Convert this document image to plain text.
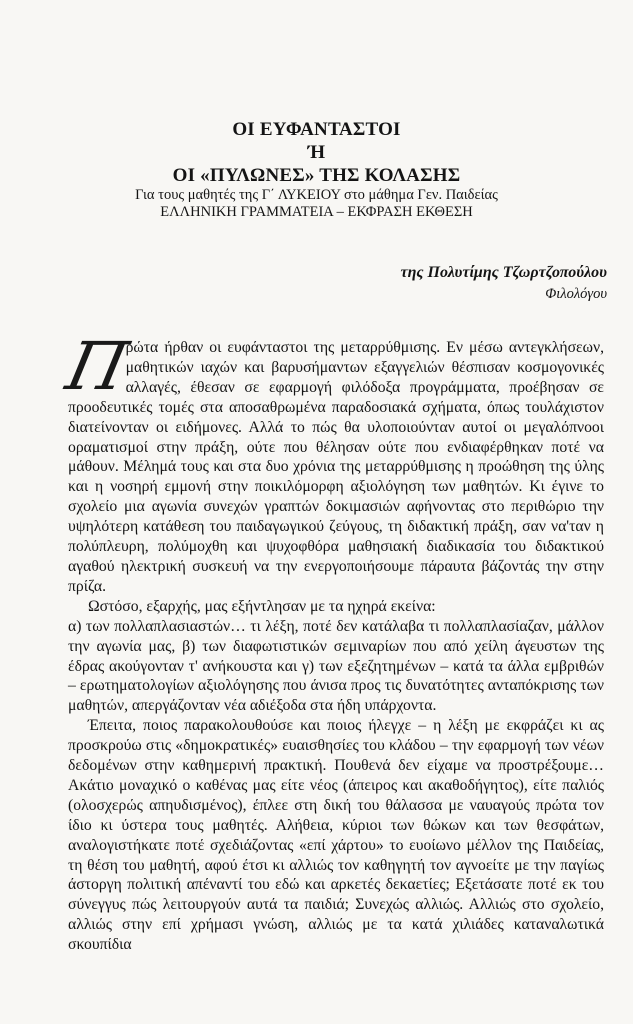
ΟΙ ΕΥΦΑΝΤΑΣΤΟΙ
Ή
ΟΙ «ΠΥΛΩΝΕΣ» ΤΗΣ ΚΟΛΑΣΗΣ
Για τους μαθητές της Γ΄ ΛΥΚΕΙΟΥ στο μάθημα Γεν. Παιδείας
ΕΛΛΗΝΙΚΗ ΓΡΑΜΜΑΤΕΙΑ – ΕΚΦΡΑΣΗ ΕΚΘΕΣΗ
της Πολυτίμης Τζωρτζοπούλου
Φιλολόγου

Π
ρώτα ήρθαν οι ευφάνταστοι της μεταρρύθμισης. Εν μέσω αντεγκλήσεων, μαθητικών ιαχών και βαρυσήμαντων εξαγγελιών θέσπισαν κοσμογονικές αλλαγές, έθεσαν σε εφαρμογή φιλόδοξα προγράμματα, προέβησαν σε προοδευτικές τομές στα αποσαθρωμένα παραδοσιακά σχήματα, όπως τουλάχιστον διατείνονταν οι ειδήμονες. Αλλά το πώς θα υλοποιούνταν αυτοί οι μεγαλόπνοοι οραματισμοί στην πράξη, ούτε που θέλησαν ούτε που ενδιαφέρθηκαν ποτέ να μάθουν. Μέλημά τους και στα δυο χρόνια της μεταρρύθμισης η προώθηση της ύλης και η νοσηρή εμμονή στην ποικιλόμορφη αξιολόγηση των μαθητών. Κι έγινε το σχολείο μια αγωνία συνεχών γραπτών δοκιμασιών αφήνοντας στο περιθώριο την υψηλότερη κατάθεση του παιδαγωγικού ζεύγους, τη διδακτική πράξη, σαν να'ταν η πολύπλευρη, πολύμοχθη και ψυχοφθόρα μαθησιακή διαδικασία του διδακτικού αγαθού ηλεκτρική συσκευή να την ενεργοποιήσουμε πάραυτα βάζοντάς την στην πρίζα.

Ωστόσο, εξαρχής, μας εξήντλησαν με τα ηχηρά εκείνα:

α) των πολλαπλασιαστών… τι λέξη, ποτέ δεν κατάλαβα τι πολλαπλασίαζαν, μάλλον την αγωνία μας, β) των διαφωτιστικών σεμιναρίων που από χείλη άγευστων της έδρας ακούγονταν τ' ανήκουστα και γ) των εξεζητημένων – κατά τα άλλα εμβριθών – ερωτηματολογίων αξιολόγησης που άνισα προς τις δυνατότητες ανταπόκρισης των μαθητών, απεργάζονταν νέα αδιέξοδα στα ήδη υπάρχοντα.

Έπειτα, ποιος παρακολουθούσε και ποιος ήλεγχε – η λέξη με εκφράζει κι ας προσκρούω στις «δημοκρατικές» ευαισθησίες του κλάδου – την εφαρμογή των νέων δεδομένων στην καθημερινή πρακτική. Πουθενά δεν είχαμε να προστρέξουμε… Ακάτιο μοναχικό ο καθένας μας είτε νέος (άπειρος και ακαθοδήγητος), είτε παλιός (ολοσχερώς απηυδισμένος), έπλεε στη δική του θάλασσα με ναυαγούς πρώτα τον ίδιο κι ύστερα τους μαθητές. Αλήθεια, κύριοι των θώκων και των θεσφάτων, αναλογιστήκατε ποτέ σχεδιάζοντας «επί χάρτου» το ευοίωνο μέλλον της Παιδείας, τη θέση του μαθητή, αφού έτσι κι αλλιώς τον καθηγητή τον αγνοείτε με την παγίως άστοργη πολιτική απέναντί του εδώ και αρκετές δεκαετίες; Εξετάσατε ποτέ εκ του σύνεγγυς πώς λειτουργούν αυτά τα παιδιά; Συνεχώς αλλιώς. Αλλιώς στο σχολείο, αλλιώς στην επί χρήμασι γνώση, αλλιώς με τα κατά χιλιάδες καταναλωτικά σκουπίδια
